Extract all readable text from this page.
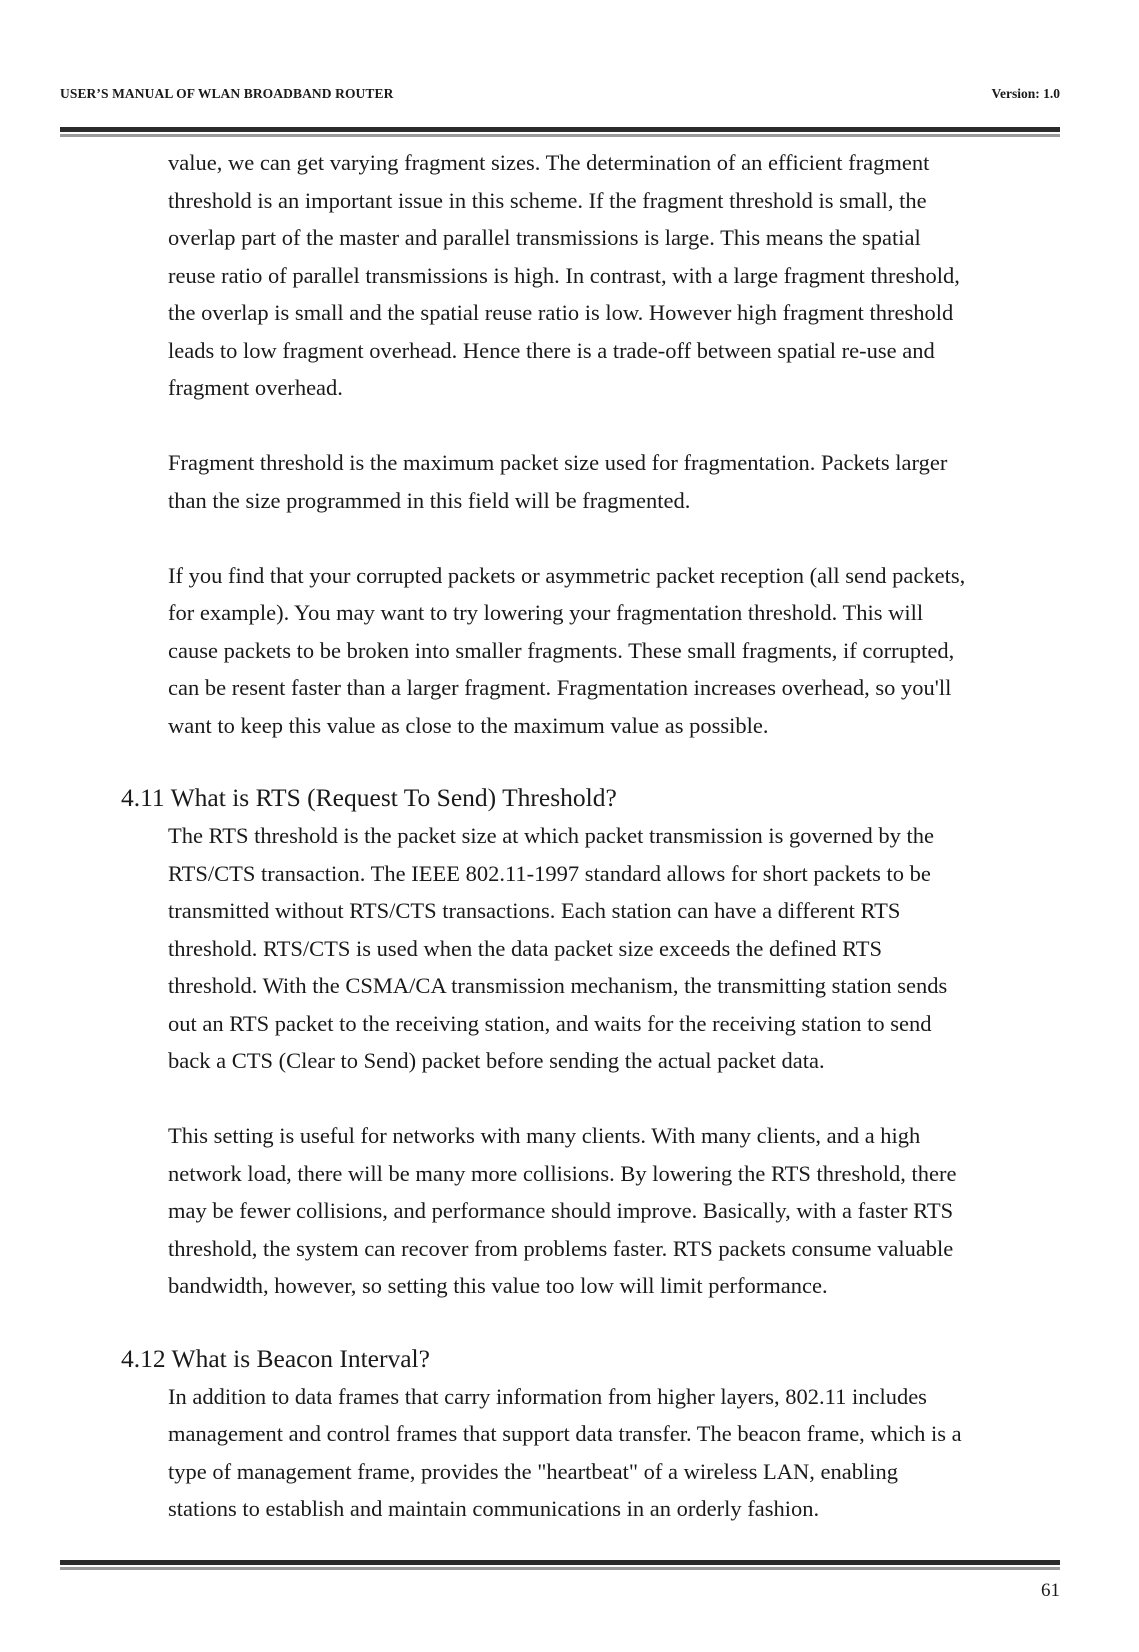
USER’S MANUAL OF WLAN BROADBAND ROUTER	Version: 1.0

value, we can get varying fragment sizes. The determination of an efficient fragment
threshold is an important issue in this scheme. If the fragment threshold is small, the
overlap part of the master and parallel transmissions is large. This means the spatial
reuse ratio of parallel transmissions is high. In contrast, with a large fragment threshold,
the overlap is small and the spatial reuse ratio is low. However high fragment threshold
leads to low fragment overhead. Hence there is a trade-off between spatial re-use and
fragment overhead.

Fragment threshold is the maximum packet size used for fragmentation. Packets larger
than the size programmed in this field will be fragmented.

If you find that your corrupted packets or asymmetric packet reception (all send packets,
for example). You may want to try lowering your fragmentation threshold. This will
cause packets to be broken into smaller fragments. These small fragments, if corrupted,
can be resent faster than a larger fragment. Fragmentation increases overhead, so you'll
want to keep this value as close to the maximum value as possible.

4.11 What is RTS (Request To Send) Threshold?

The RTS threshold is the packet size at which packet transmission is governed by the
RTS/CTS transaction. The IEEE 802.11-1997 standard allows for short packets to be
transmitted without RTS/CTS transactions. Each station can have a different RTS
threshold. RTS/CTS is used when the data packet size exceeds the defined RTS
threshold. With the CSMA/CA transmission mechanism, the transmitting station sends
out an RTS packet to the receiving station, and waits for the receiving station to send
back a CTS (Clear to Send) packet before sending the actual packet data.

This setting is useful for networks with many clients. With many clients, and a high
network load, there will be many more collisions. By lowering the RTS threshold, there
may be fewer collisions, and performance should improve. Basically, with a faster RTS
threshold, the system can recover from problems faster. RTS packets consume valuable
bandwidth, however, so setting this value too low will limit performance.

4.12 What is Beacon Interval?

In addition to data frames that carry information from higher layers, 802.11 includes
management and control frames that support data transfer. The beacon frame, which is a
type of management frame, provides the "heartbeat" of a wireless LAN, enabling
stations to establish and maintain communications in an orderly fashion.

61
